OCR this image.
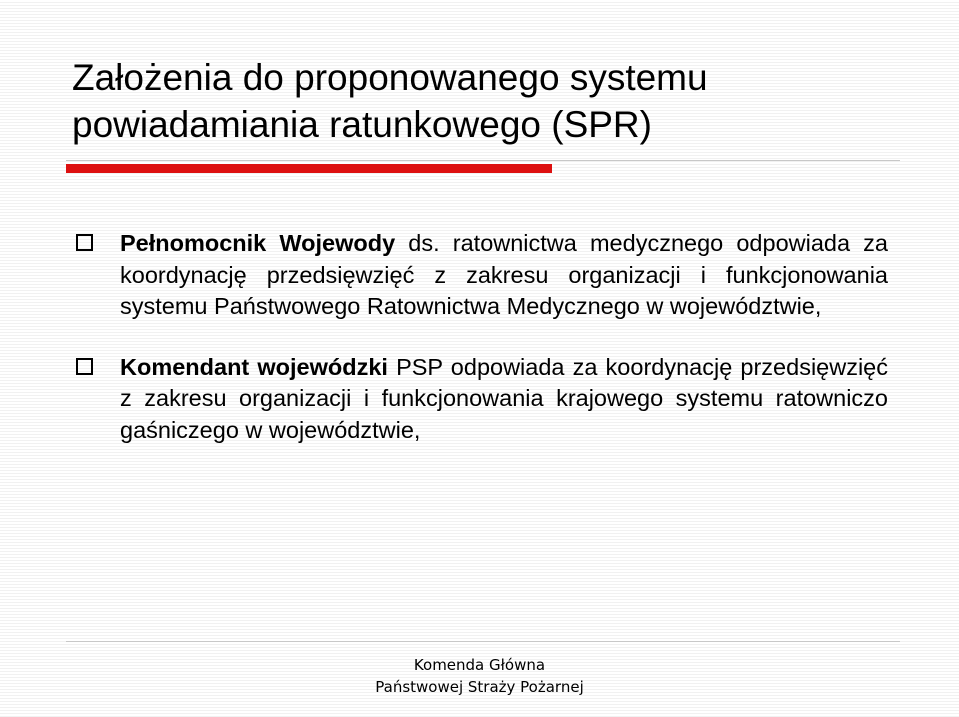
Założenia do proponowanego systemu powiadamiania ratunkowego (SPR)
Pełnomocnik Wojewody ds. ratownictwa medycznego odpowiada za koordynację przedsięwzięć z zakresu organizacji i funkcjonowania systemu Państwowego Ratownictwa Medycznego w województwie,
Komendant wojewódzki PSP odpowiada za koordynację przedsięwzięć z zakresu organizacji i funkcjonowania krajowego systemu ratowniczo gaśniczego w województwie,
Komenda Główna
Państwowej Straży Pożarnej
